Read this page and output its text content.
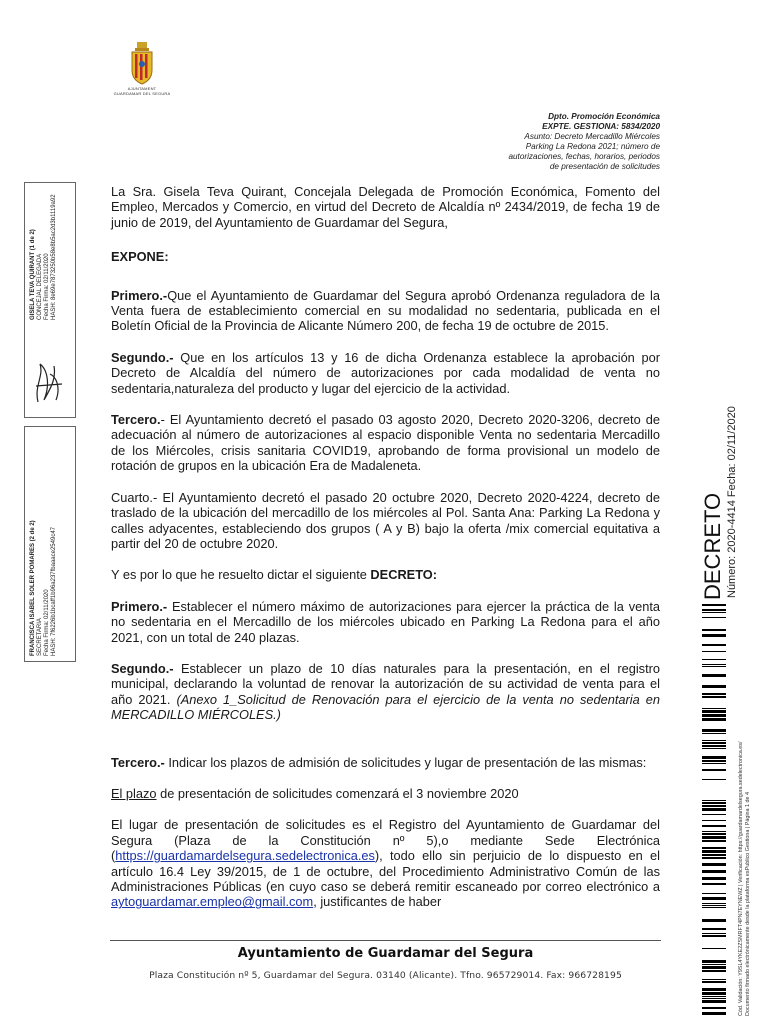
AJUNTAMENT
GUARDAMAR DEL SEGURA
Dpto. Promoción Económica
EXPTE. GESTIONA: 5834/2020
Asunto: Decreto Mercadillo Miércoles
Parking La Redona 2021; número de
autorizaciones, fechas, horarios, periodos
de presentación de solicitudes

La Sra. Gisela Teva Quirant, Concejala Delegada de Promoción Económica, Fomento del Empleo, Mercados y Comercio, en virtud del Decreto de Alcaldía nº 2434/2019, de fecha 19 de junio de 2019, del Ayuntamiento de Guardamar del Segura,

EXPONE:

Primero.-Que el Ayuntamiento de Guardamar del Segura aprobó Ordenanza reguladora de la Venta fuera de establecimiento comercial en su modalidad no sedentaria, publicada en el Boletín Oficial de la Provincia de Alicante Número 200, de fecha 19 de octubre de 2015.

Segundo.- Que en los artículos 13 y 16 de dicha Ordenanza establece la aprobación por Decreto de Alcaldía del número de autorizaciones por cada modalidad de venta no sedentaria,naturaleza del producto y lugar del ejercicio de la actividad.

Tercero.- El Ayuntamiento decretó el pasado 03 agosto 2020, Decreto 2020-3206, decreto de adecuación al número de autorizaciones al espacio disponible Venta no sedentaria Mercadillo de los Miércoles, crisis sanitaria COVID19, aprobando de forma provisional un modelo de rotación de grupos en la ubicación Era de Madaleneta.

Cuarto.- El Ayuntamiento decretó el pasado 20 octubre 2020, Decreto 2020-4224, decreto de traslado de la ubicación del mercadillo de los miércoles al Pol. Santa Ana: Parking La Redona y calles adyacentes, estableciendo dos grupos ( A y B) bajo la oferta /mix comercial equitativa a partir del 20 de octubre 2020.

Y es por lo que he resuelto dictar el siguiente DECRETO:

Primero.- Establecer el número máximo de autorizaciones para ejercer la práctica de la venta no sedentaria en el Mercadillo de los miércoles ubicado en Parking La Redona para el año 2021, con un total de 240 plazas.

Segundo.- Establecer un plazo de 10 días naturales para la presentación, en el registro municipal, declarando la voluntad de renovar la autorización de su actividad de venta para el año 2021. (Anexo 1_Solicitud de Renovación para el ejercicio de la venta no sedentaria en MERCADILLO MIÉRCOLES.)

Tercero.- Indicar los plazos de admisión de solicitudes y lugar de presentación de las mismas:

El plazo de presentación de solicitudes comenzará el 3 noviembre 2020

El lugar de presentación de solicitudes es el Registro del Ayuntamiento de Guardamar del Segura (Plaza de la Constitución nº 5),o mediante Sede Electrónica (https://guardamardelsegura.sedelectronica.es), todo ello sin perjuicio de lo dispuesto en el artículo 16.4 Ley 39/2015, de 1 de octubre, del Procedimiento Administrativo Común de las Administraciones Públicas (en cuyo caso se deberá remitir escaneado por correo electrónico a aytoguardamar.empleo@gmail.com, justificantes de haber

Ayuntamiento de Guardamar del Segura
Plaza Constitución nº 5, Guardamar del Segura. 03140 (Alicante). Tfno. 965729014. Fax: 966728195
GISELA TEVA QUIRANT (1 de 2) CONCEJAL DELEGADA Fecha Firma: 02/11/2020 HASH: 8e69e7873250b58e8b5ac2d3b1119a92
FRANCISCA ISABEL SOLER POMARES (2 de 2) SECRETARIA Fecha Firma: 02/11/2020 HASH: 7f6226b1bcaff1b96a237fbaaace2549c47	DECRETO Número: 2020-4414 Fecha: 02/11/2020
Cód. Validación: Y9SL4YKE2ZSMRFT4PN7EYNEWZ | Verificación: https://guardamardelsegura.sedelectronica.es/ Documento firmado electrónicamente desde la plataforma esPublico Gestiona | Página 1 de 4
